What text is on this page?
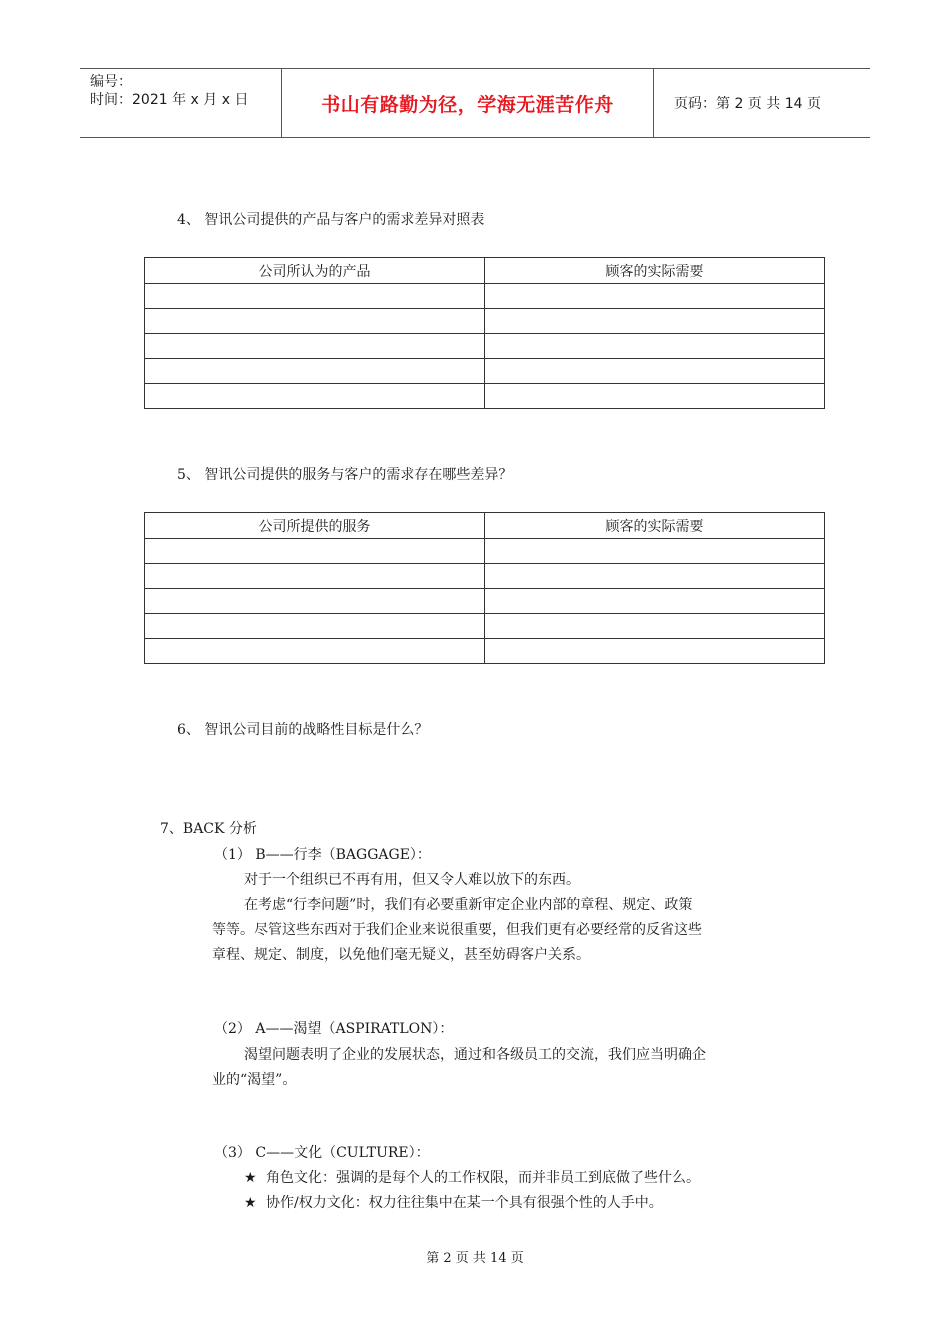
编号：
时间：2021 年 x 月 x 日	书山有路勤为径，学海无涯苦作舟	页码：第 2 页 共 14 页
4、 智讯公司提供的产品与客户的需求差异对照表
公司所认为的产品	顾客的实际需要

5、 智讯公司提供的服务与客户的需求存在哪些差异？
公司所提供的服务	顾客的实际需要

6、 智讯公司目前的战略性目标是什么？
7、BACK 分析
（1） B——行李（BAGGAGE）：
对于一个组织已不再有用，但又令人难以放下的东西。
在考虑“行李问题”时，我们有必要重新审定企业内部的章程、规定、政策
等等。尽管这些东西对于我们企业来说很重要，但我们更有必要经常的反省这些
章程、规定、制度，以免他们毫无疑义，甚至妨碍客户关系。
（2） A——渴望（ASPIRATLON）：
渴望问题表明了企业的发展状态，通过和各级员工的交流，我们应当明确企
业的“渴望”。
（3） C——文化（CULTURE）：
★ 角色文化：强调的是每个人的工作权限，而并非员工到底做了些什么。
★ 协作/权力文化：权力往往集中在某一个具有很强个性的人手中。
第 2 页 共 14 页
